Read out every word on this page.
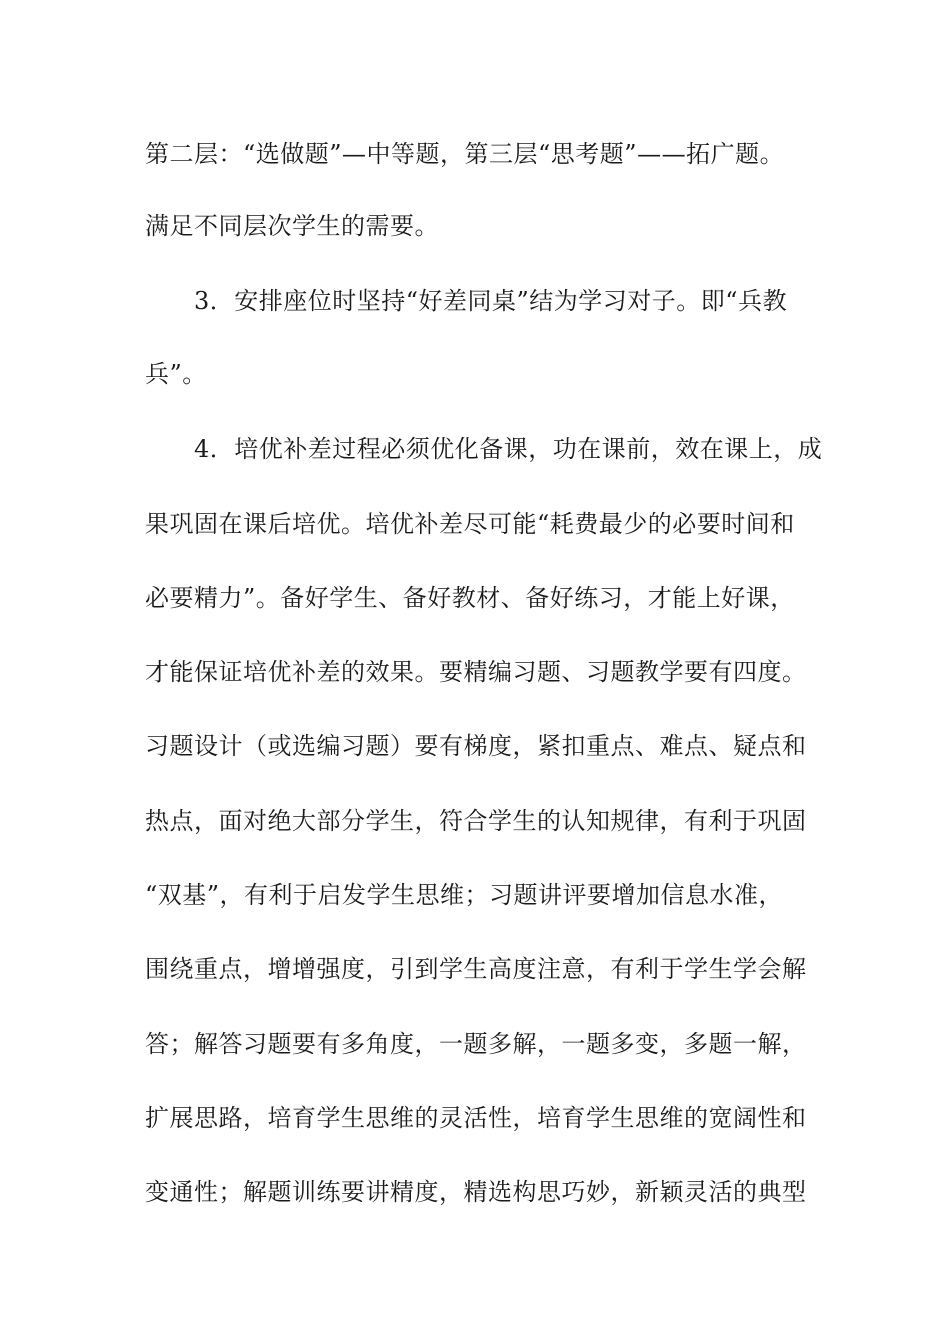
第二层：“选做题”—中等题，第三层“思考题”——拓广题。
满足不同层次学生的需要。
　　3．安排座位时坚持“好差同桌”结为学习对子。即“兵教
兵”。
　　4．培优补差过程必须优化备课，功在课前，效在课上，成
果巩固在课后培优。培优补差尽可能“耗费最少的必要时间和
必要精力”。备好学生、备好教材、备好练习，才能上好课，
才能保证培优补差的效果。要精编习题、习题教学要有四度。
习题设计（或选编习题）要有梯度，紧扣重点、难点、疑点和
热点，面对绝大部分学生，符合学生的认知规律，有利于巩固
“双基”，有利于启发学生思维；习题讲评要增加信息水准，
围绕重点，增增强度，引到学生高度注意，有利于学生学会解
答；解答习题要有多角度，一题多解，一题多变，多题一解，
扩展思路，培育学生思维的灵活性，培育学生思维的宽阔性和
变通性；解题训练要讲精度，精选构思巧妙，新颖灵活的典型
